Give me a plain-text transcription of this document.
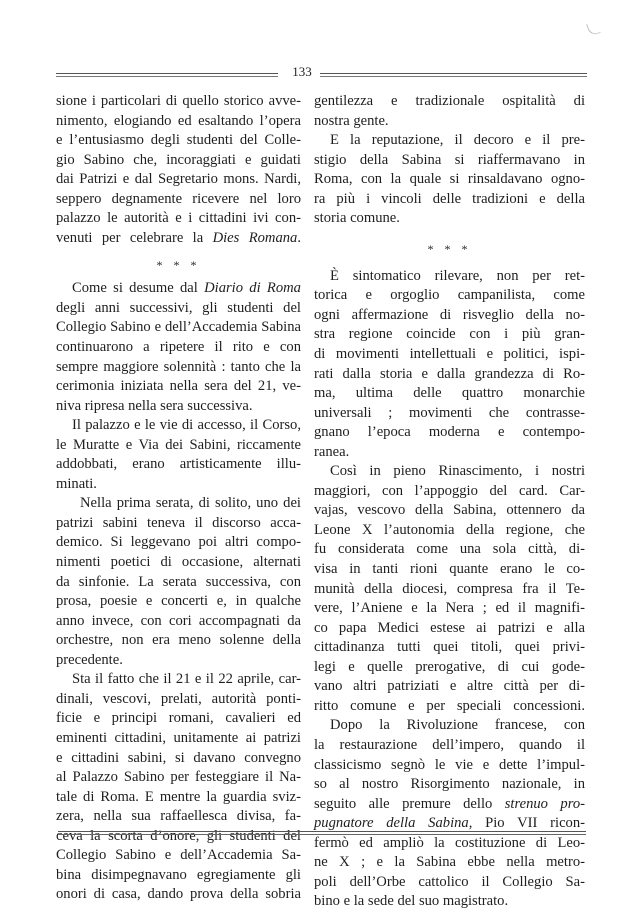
133
sione i particolari di quello storico avve-
nimento, elogiando ed esaltando l’opera
e l’entusiasmo degli studenti del Colle-
gio Sabino che, incoraggiati e guidati
dai Patrizi e dal Segretario mons. Nardi,
seppero degnamente ricevere nel loro
palazzo le autorità e i cittadini ivi con-
venuti per celebrare la Dies Romana.
* * *
Come si desume dal Diario di Roma
degli anni successivi, gli studenti del
Collegio Sabino e dell’Accademia Sabina
continuarono a ripetere il rito e con
sempre maggiore solennità : tanto che la
cerimonia iniziata nella sera del 21, ve-
niva ripresa nella sera successiva.
Il palazzo e le vie di accesso, il Corso,
le Muratte e Via dei Sabini, riccamente
addobbati, erano artisticamente illu-
minati.
Nella prima serata, di solito, uno dei
patrizi sabini teneva il discorso acca-
demico. Si leggevano poi altri compo-
nimenti poetici di occasione, alternati
da sinfonie. La serata successiva, con
prosa, poesie e concerti e, in qualche
anno invece, con cori accompagnati da
orchestre, non era meno solenne della
precedente.
Sta il fatto che il 21 e il 22 aprile, car-
dinali, vescovi, prelati, autorità ponti-
ficie e principi romani, cavalieri ed
eminenti cittadini, unitamente ai patrizi
e cittadini sabini, si davano convegno
al Palazzo Sabino per festeggiare il Na-
tale di Roma. E mentre la guardia sviz-
zera, nella sua raffaellesca divisa, fa-
ceva la scorta d’onore, gli studenti del
Collegio Sabino e dell’Accademia Sa-
bina disimpegnavano egregiamente gli
onori di casa, dando prova della sobria
gentilezza e tradizionale ospitalità di
nostra gente.
E la reputazione, il decoro e il pre-
stigio della Sabina si riaffermavano in
Roma, con la quale si rinsaldavano ogno-
ra più i vincoli delle tradizioni e della
storia comune.
* * *
È sintomatico rilevare, non per ret-
torica e orgoglio campanilista, come
ogni affermazione di risveglio della no-
stra regione coincide con i più gran-
di movimenti intellettuali e politici, ispi-
rati dalla storia e dalla grandezza di Ro-
ma, ultima delle quattro monarchie
universali ; movimenti che contrasse-
gnano l’epoca moderna e contempo-
ranea.
Così in pieno Rinascimento, i nostri
maggiori, con l’appoggio del card. Car-
vajas, vescovo della Sabina, ottennero da
Leone X l’autonomia della regione, che
fu considerata come una sola città, di-
visa in tanti rioni quante erano le co-
munità della diocesi, compresa fra il Te-
vere, l’Aniene e la Nera ; ed il magnifi-
co papa Medici estese ai patrizi e alla
cittadinanza tutti quei titoli, quei privi-
legi e quelle prerogative, di cui gode-
vano altri patriziati e altre città per di-
ritto comune e per speciali concessioni.
Dopo la Rivoluzione francese, con
la restaurazione dell’impero, quando il
classicismo segnò le vie e dette l’impul-
so al nostro Risorgimento nazionale, in
seguito alle premure dello strenuo pro-
pugnatore della Sabina, Pio VII ricon-
fermò ed ampliò la costituzione di Leo-
ne X ; e la Sabina ebbe nella metro-
poli dell’Orbe cattolico il Collegio Sa-
bino e la sede del suo magistrato.
